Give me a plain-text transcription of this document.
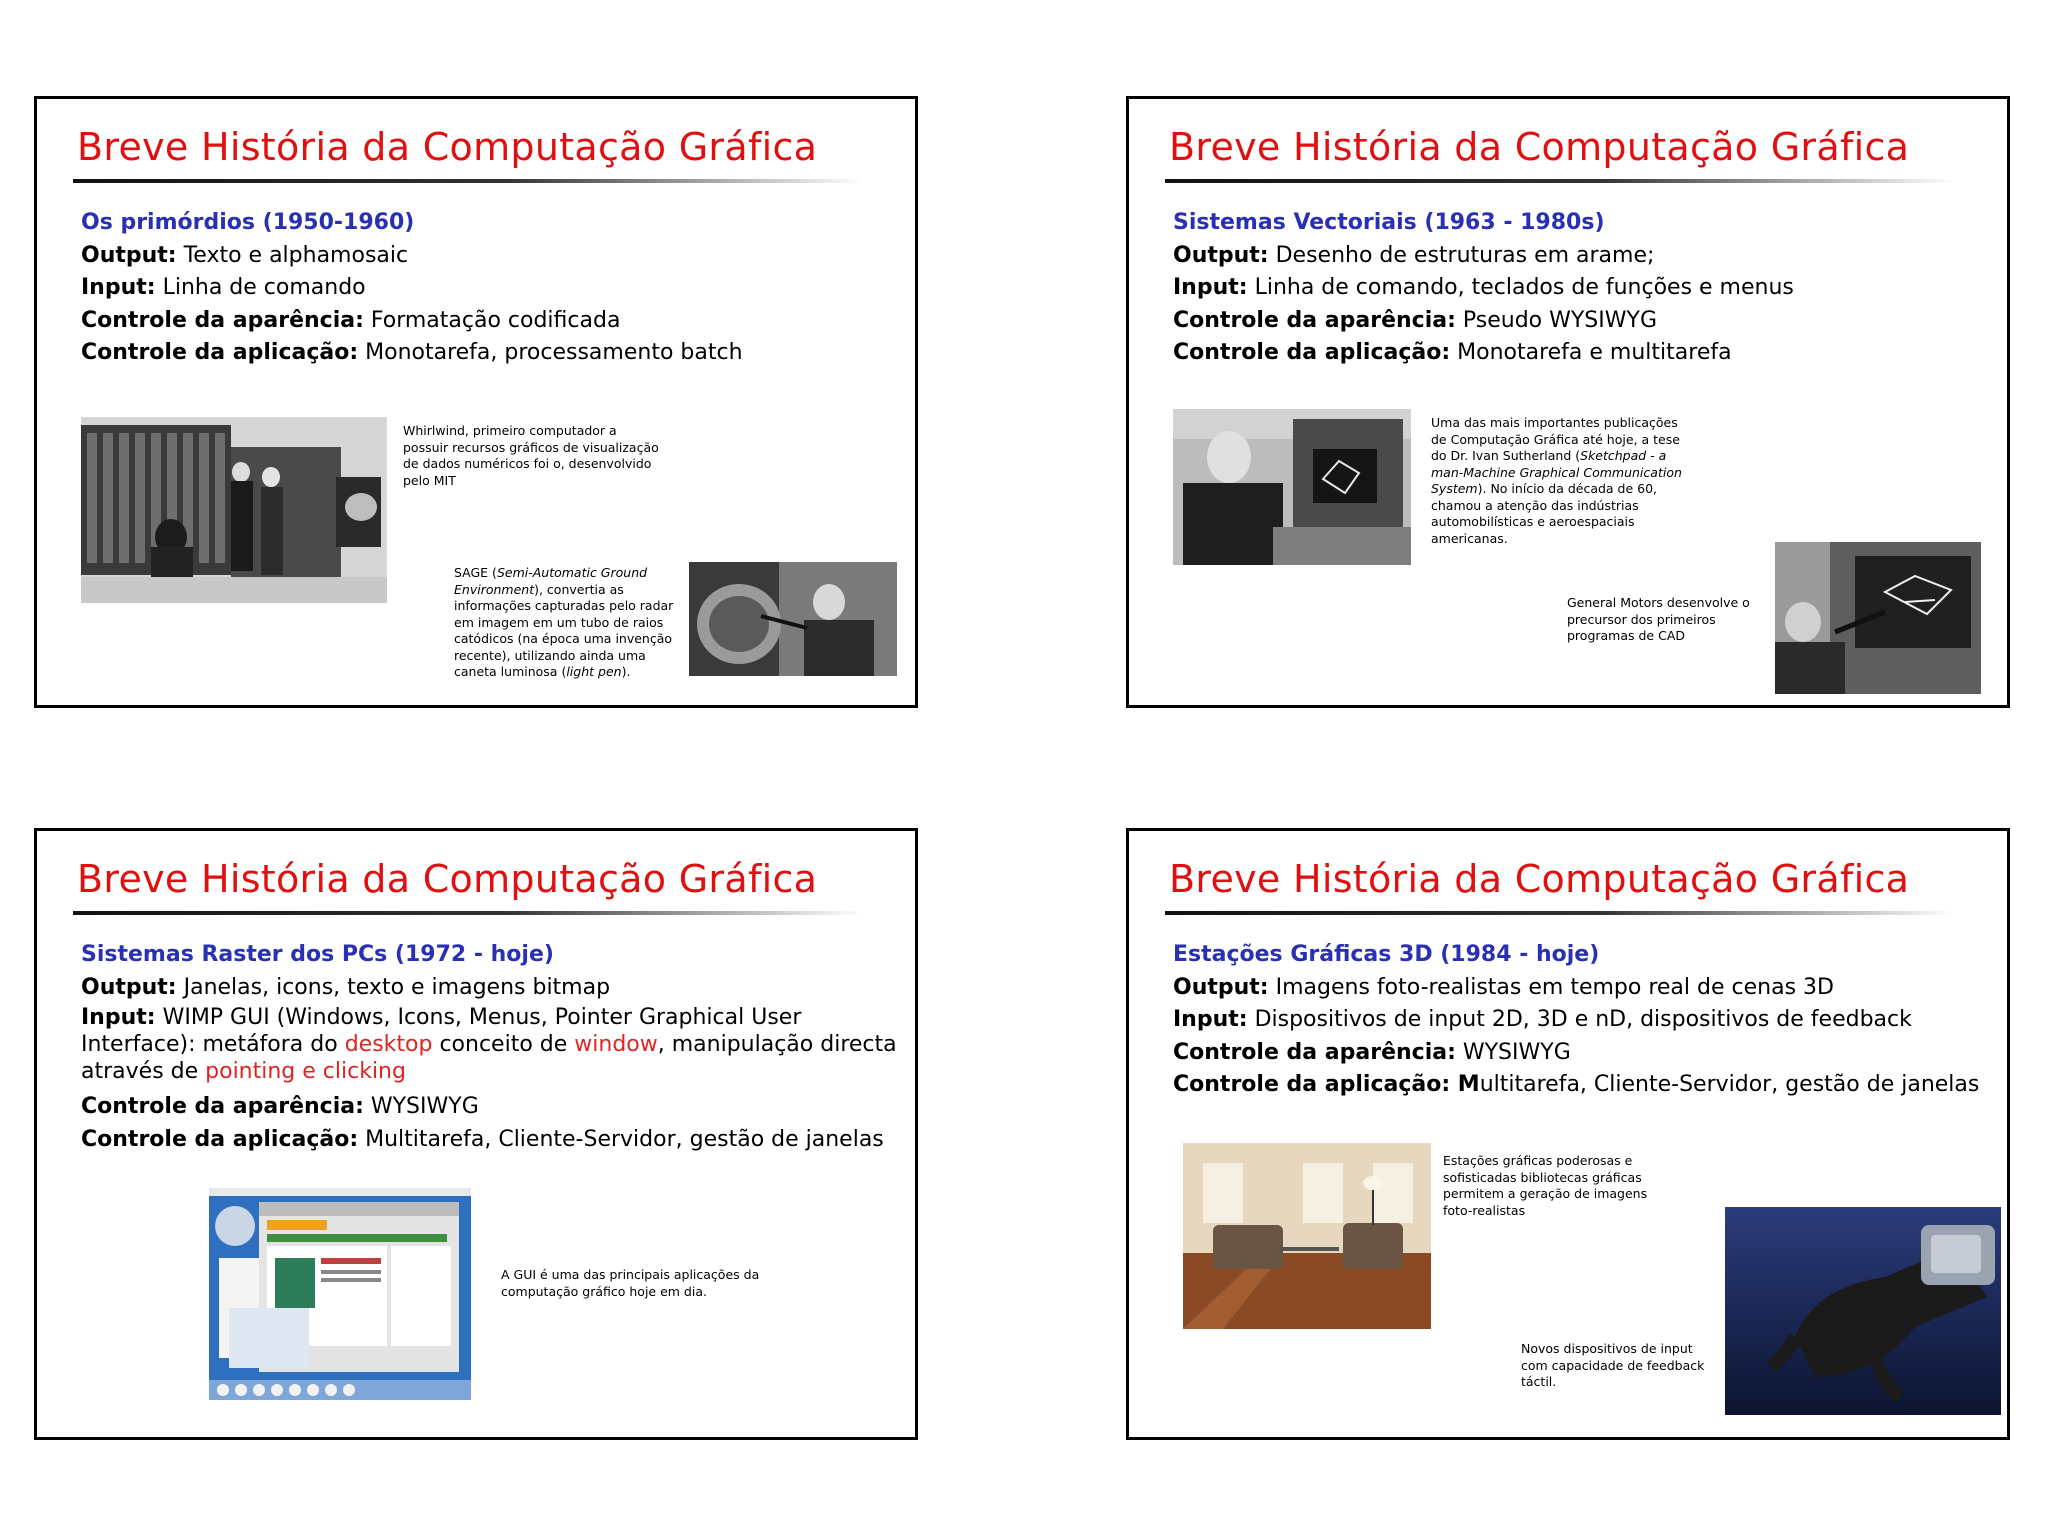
Breve História da Computação Gráfica
Os primórdios (1950-1960)
Output: Texto e alphamosaic
Input: Linha de comando
Controle da aparência: Formatação codificada
Controle da aplicação: Monotarefa, processamento batch
Whirlwind, primeiro computador a possuir recursos gráficos de visualização de dados numéricos foi o, desenvolvido pelo MIT
SAGE (Semi-Automatic Ground Environment), convertia as informações capturadas pelo radar em imagem em um tubo de raios catódicos (na época uma invenção recente), utilizando ainda uma caneta luminosa (light pen).
Breve História da Computação Gráfica
Sistemas Vectoriais (1963 - 1980s)
Output: Desenho de estruturas em arame;
Input: Linha de comando, teclados de funções e menus
Controle da aparência: Pseudo WYSIWYG
Controle da aplicação: Monotarefa e multitarefa
Uma das mais importantes publicações de Computação Gráfica até hoje, a tese do Dr. Ivan Sutherland (Sketchpad - a man-Machine Graphical Communication System). No início da década de 60, chamou a atenção das indústrias automobilísticas e aeroespaciais americanas.
General Motors desenvolve o precursor dos primeiros programas de CAD
Breve História da Computação Gráfica
Sistemas Raster dos PCs (1972 - hoje)
Output: Janelas, icons, texto e imagens bitmap
Input: WIMP GUI (Windows, Icons, Menus, Pointer Graphical User Interface): metáfora do desktop conceito de window, manipulação directa através de pointing e clicking
Controle da aparência: WYSIWYG
Controle da aplicação: Multitarefa, Cliente-Servidor, gestão de janelas
A GUI é uma das principais aplicações da computação gráfico hoje em dia.
Breve História da Computação Gráfica
Estações Gráficas 3D (1984 - hoje)
Output: Imagens foto-realistas em tempo real de cenas 3D
Input: Dispositivos de input 2D, 3D e nD, dispositivos de feedback
Controle da aparência: WYSIWYG
Controle da aplicação: Multitarefa, Cliente-Servidor, gestão de janelas
Estações gráficas poderosas e sofisticadas bibliotecas gráficas permitem a geração de imagens foto-realistas
Novos dispositivos de input com capacidade de feedback táctil.
